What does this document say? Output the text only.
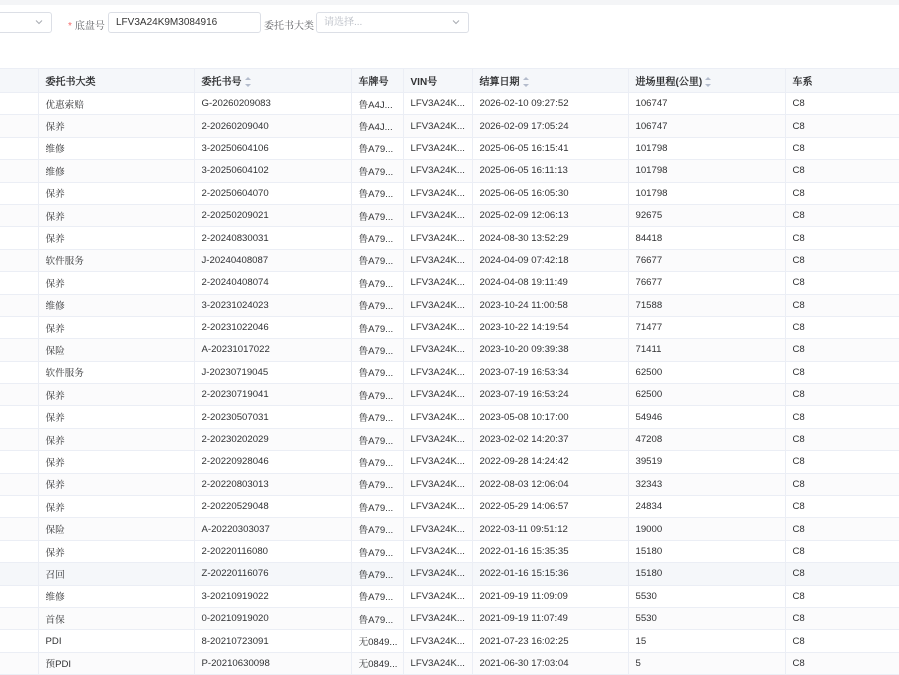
* 底盘号	LFV3A24K9M3084916	委托书大类	请选择...
	委托书大类	委托书号	车牌号	VIN号	结算日期	进场里程(公里)	车系
	优惠索赔	G-20260209083	鲁A4J...	LFV3A24K...	2026-02-10 09:27:52	106747	C8
	保养	2-20260209040	鲁A4J...	LFV3A24K...	2026-02-09 17:05:24	106747	C8
	维修	3-20250604106	鲁A79...	LFV3A24K...	2025-06-05 16:15:41	101798	C8
	维修	3-20250604102	鲁A79...	LFV3A24K...	2025-06-05 16:11:13	101798	C8
	保养	2-20250604070	鲁A79...	LFV3A24K...	2025-06-05 16:05:30	101798	C8
	保养	2-20250209021	鲁A79...	LFV3A24K...	2025-02-09 12:06:13	92675	C8
	保养	2-20240830031	鲁A79...	LFV3A24K...	2024-08-30 13:52:29	84418	C8
	软件服务	J-20240408087	鲁A79...	LFV3A24K...	2024-04-09 07:42:18	76677	C8
	保养	2-20240408074	鲁A79...	LFV3A24K...	2024-04-08 19:11:49	76677	C8
	维修	3-20231024023	鲁A79...	LFV3A24K...	2023-10-24 11:00:58	71588	C8
	保养	2-20231022046	鲁A79...	LFV3A24K...	2023-10-22 14:19:54	71477	C8
	保险	A-20231017022	鲁A79...	LFV3A24K...	2023-10-20 09:39:38	71411	C8
	软件服务	J-20230719045	鲁A79...	LFV3A24K...	2023-07-19 16:53:34	62500	C8
	保养	2-20230719041	鲁A79...	LFV3A24K...	2023-07-19 16:53:24	62500	C8
	保养	2-20230507031	鲁A79...	LFV3A24K...	2023-05-08 10:17:00	54946	C8
	保养	2-20230202029	鲁A79...	LFV3A24K...	2023-02-02 14:20:37	47208	C8
	保养	2-20220928046	鲁A79...	LFV3A24K...	2022-09-28 14:24:42	39519	C8
	保养	2-20220803013	鲁A79...	LFV3A24K...	2022-08-03 12:06:04	32343	C8
	保养	2-20220529048	鲁A79...	LFV3A24K...	2022-05-29 14:06:57	24834	C8
	保险	A-20220303037	鲁A79...	LFV3A24K...	2022-03-11 09:51:12	19000	C8
	保养	2-20220116080	鲁A79...	LFV3A24K...	2022-01-16 15:35:35	15180	C8
	召回	Z-20220116076	鲁A79...	LFV3A24K...	2022-01-16 15:15:36	15180	C8
	维修	3-20210919022	鲁A79...	LFV3A24K...	2021-09-19 11:09:09	5530	C8
	首保	0-20210919020	鲁A79...	LFV3A24K...	2021-09-19 11:07:49	5530	C8
	PDI	8-20210723091	无0849...	LFV3A24K...	2021-07-23 16:02:25	15	C8
	预PDI	P-20210630098	无0849...	LFV3A24K...	2021-06-30 17:03:04	5	C8
